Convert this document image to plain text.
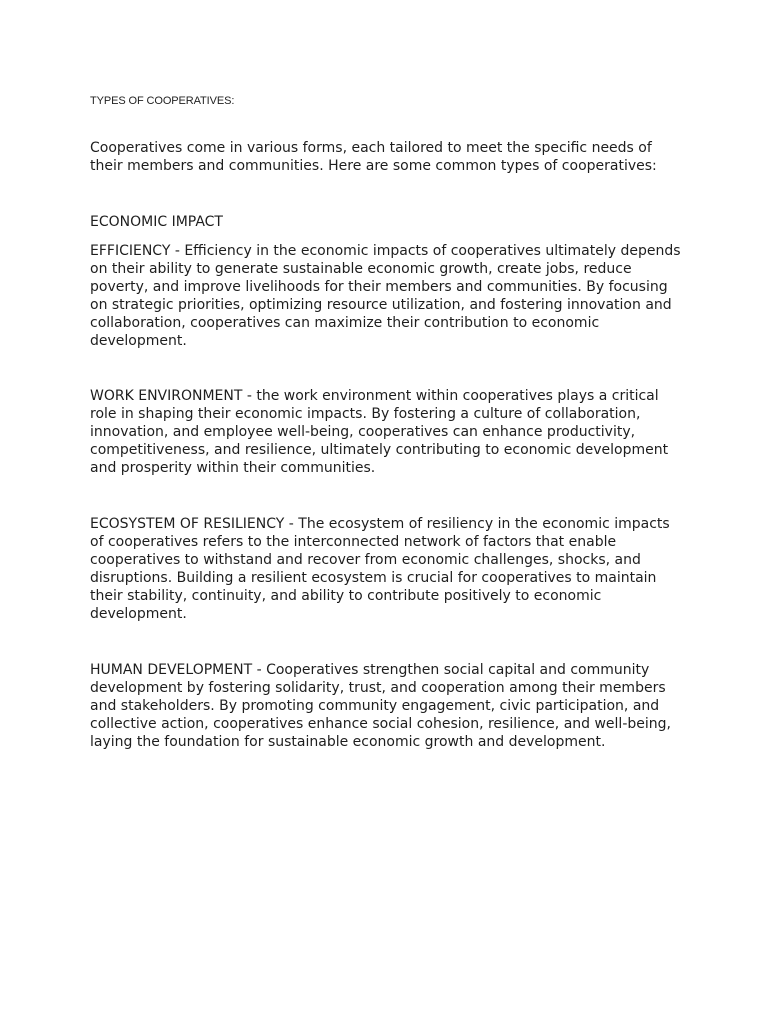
TYPES OF COOPERATIVES:

Cooperatives come in various forms, each tailored to meet the specific needs of their members and communities. Here are some common types of cooperatives:

ECONOMIC IMPACT

EFFICIENCY - Efficiency in the economic impacts of cooperatives ultimately depends on their ability to generate sustainable economic growth, create jobs, reduce poverty, and improve livelihoods for their members and communities. By focusing on strategic priorities, optimizing resource utilization, and fostering innovation and collaboration, cooperatives can maximize their contribution to economic development.

WORK ENVIRONMENT - the work environment within cooperatives plays a critical role in shaping their economic impacts. By fostering a culture of collaboration, innovation, and employee well-being, cooperatives can enhance productivity, competitiveness, and resilience, ultimately contributing to economic development and prosperity within their communities.

ECOSYSTEM OF RESILIENCY - The ecosystem of resiliency in the economic impacts of cooperatives refers to the interconnected network of factors that enable cooperatives to withstand and recover from economic challenges, shocks, and disruptions. Building a resilient ecosystem is crucial for cooperatives to maintain their stability, continuity, and ability to contribute positively to economic development.

HUMAN DEVELOPMENT - Cooperatives strengthen social capital and community development by fostering solidarity, trust, and cooperation among their members and stakeholders. By promoting community engagement, civic participation, and collective action, cooperatives enhance social cohesion, resilience, and well-being, laying the foundation for sustainable economic growth and development.
